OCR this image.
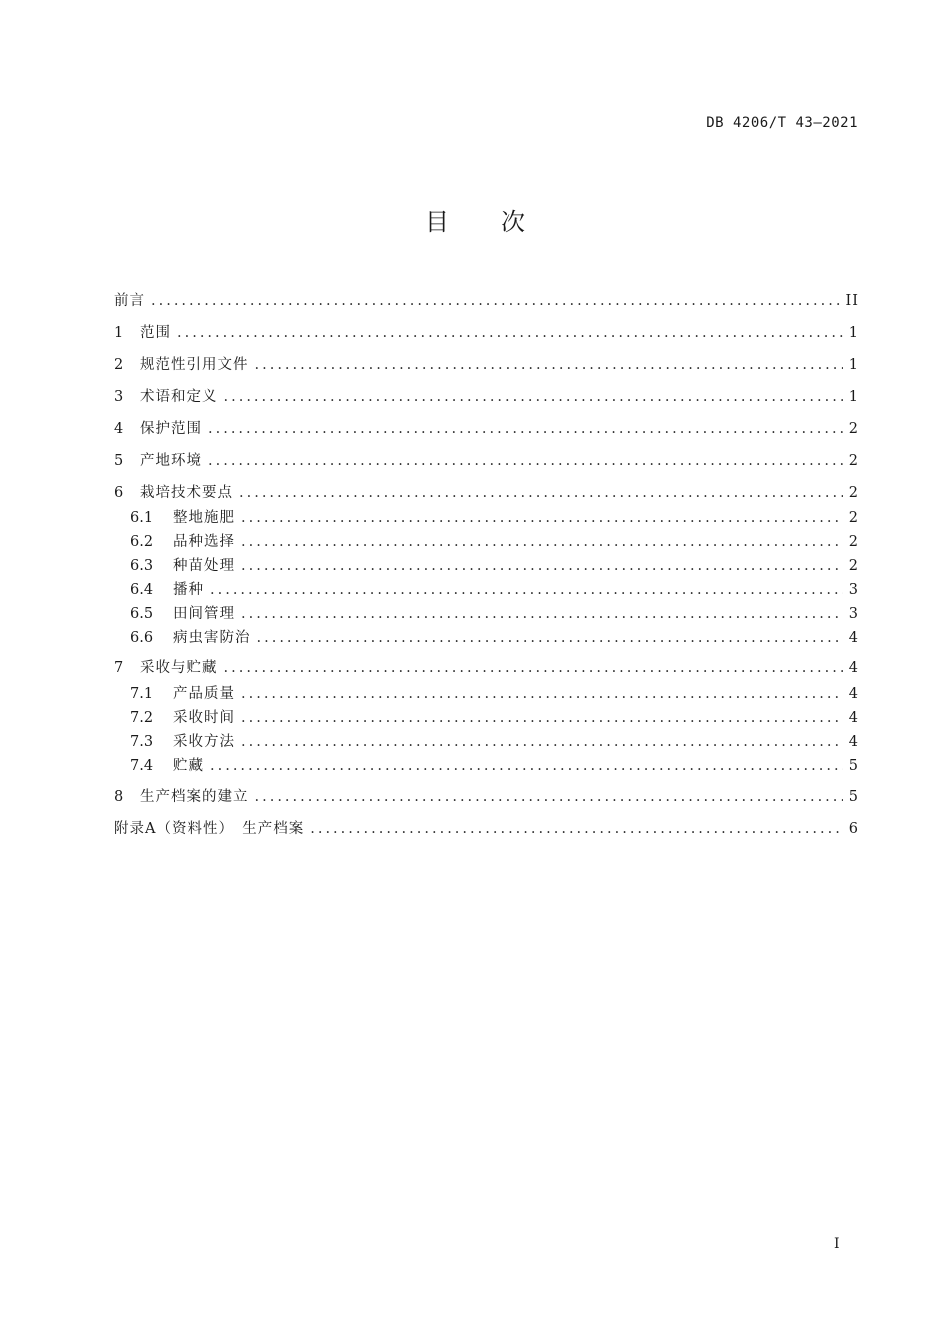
DB 4206/T 43—2021
目 次
前言 .....	II
1	范围 .....	1
2	规范性引用文件 .....	1
3	术语和定义 .....	1
4	保护范围 .....	2
5	产地环境 .....	2
6	栽培技术要点 .....	2
6.1	整地施肥 .....	2
6.2	品种选择 .....	2
6.3	种苗处理 .....	2
6.4	播种 .....	3
6.5	田间管理 .....	3
6.6	病虫害防治 .....	4
7	采收与贮藏 .....	4
7.1	产品质量 .....	4
7.2	采收时间 .....	4
7.3	采收方法 .....	4
7.4	贮藏 .....	5
8	生产档案的建立 .....	5
附录A（资料性）　生产档案 .....	6
I
